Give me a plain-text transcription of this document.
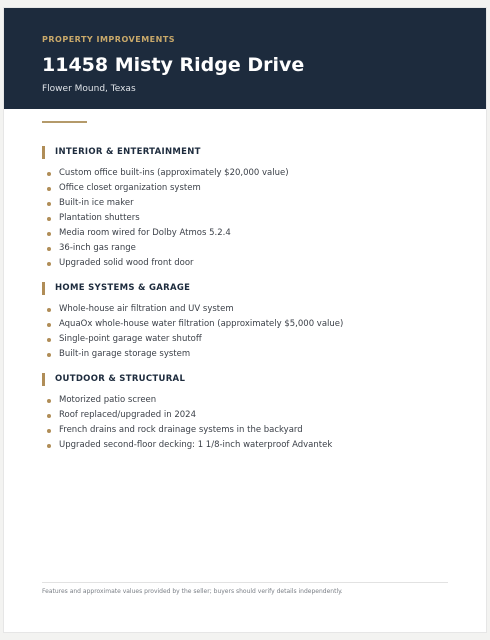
PROPERTY IMPROVEMENTS
11458 Misty Ridge Drive
Flower Mound, Texas
INTERIOR & ENTERTAINMENT
Custom office built-ins (approximately $20,000 value)
Office closet organization system
Built-in ice maker
Plantation shutters
Media room wired for Dolby Atmos 5.2.4
36-inch gas range
Upgraded solid wood front door
HOME SYSTEMS & GARAGE
Whole-house air filtration and UV system
AquaOx whole-house water filtration (approximately $5,000 value)
Single-point garage water shutoff
Built-in garage storage system
OUTDOOR & STRUCTURAL
Motorized patio screen
Roof replaced/upgraded in 2024
French drains and rock drainage systems in the backyard
Upgraded second-floor decking: 1 1/8-inch waterproof Advantek
Features and approximate values provided by the seller; buyers should verify details independently.
